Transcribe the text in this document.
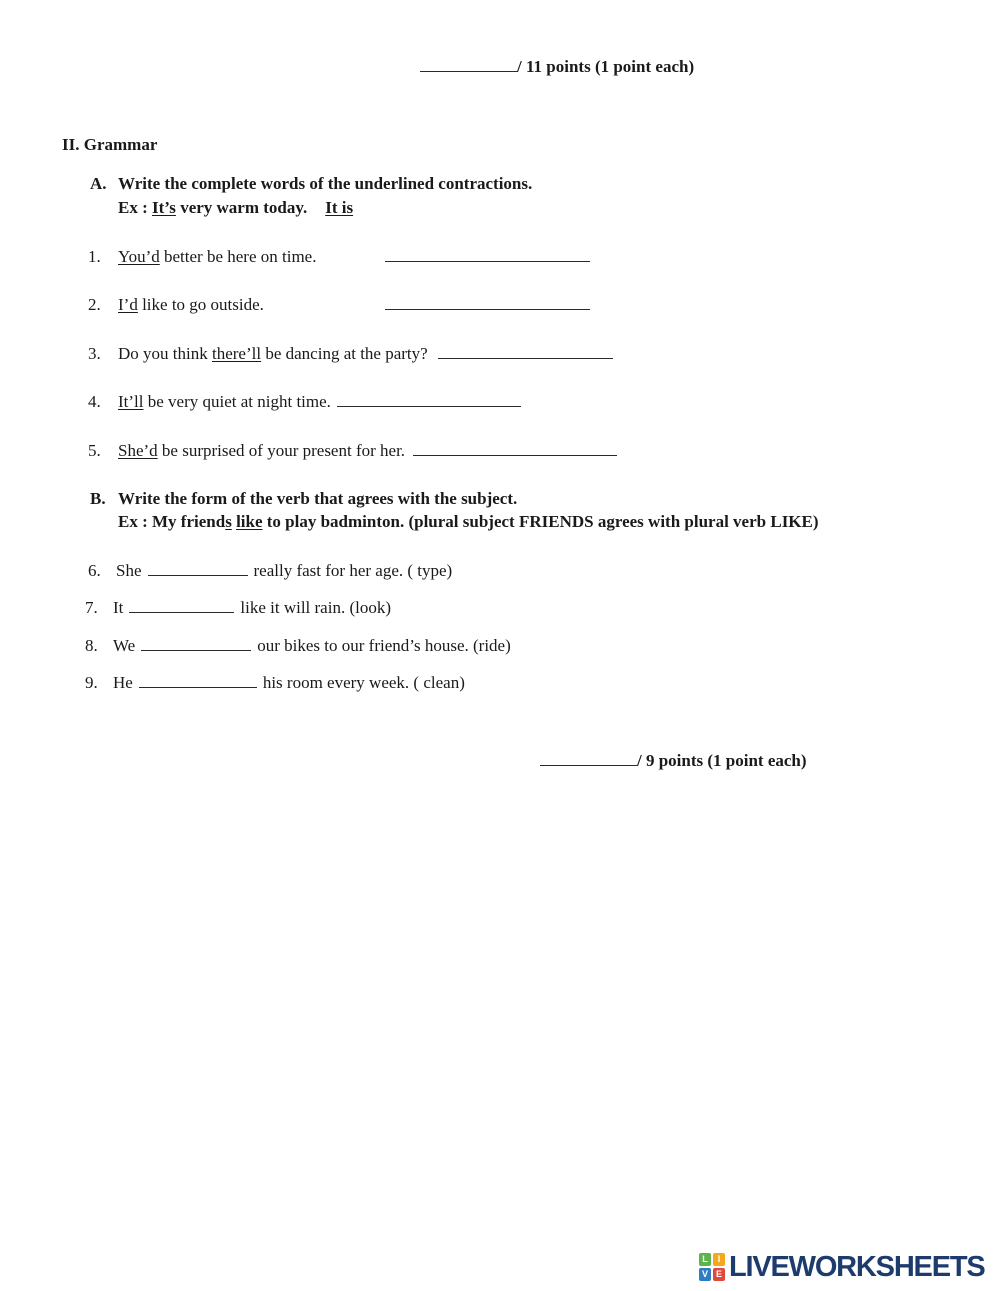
/ 11 points (1 point each)
II. Grammar
A. Write the complete words of the underlined contractions.
Ex : It’s very warm today. It is
1. You’d better be here on time.
2. I’d like to go outside.
3. Do you think there’ll be dancing at the party?
4. It’ll be very quiet at night time.
5. She’d be surprised of your present for her.
B. Write the form of the verb that agrees with the subject.
Ex : My friends like to play badminton. (plural subject FRIENDS agrees with plural verb LIKE)
6. She	really fast for her age. ( type)
7. It	like it will rain. (look)
8. We	our bikes to our friend’s house. (ride)
9. He	his room every week. ( clean)
/ 9 points (1 point each)
L	I
V E LIVEWORKSHEETS
